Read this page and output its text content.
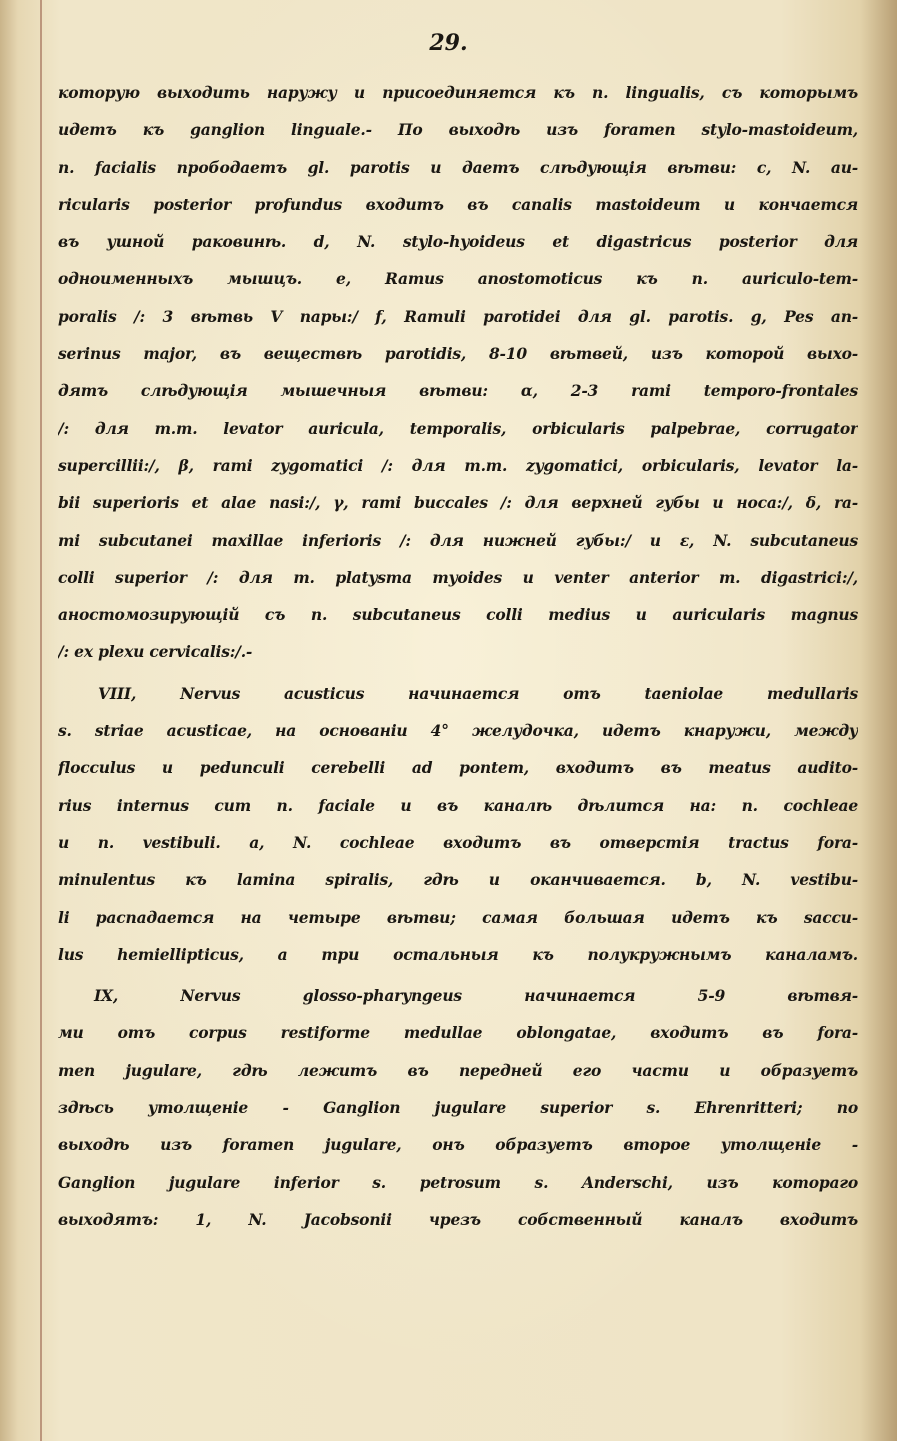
29.
которую выходить наружу и присоединяется къ n. lingualis, съ которымъ
идетъ къ ganglion linguale.- По выходѣ изъ foramen stylo-mastoideum,
n. facialis прободаетъ gl. parotis и даетъ слѣдующія вѣтви: с, N. au-
ricularis posterior profundus входитъ въ canalis mastoideum и кончается
въ ушной раковинѣ. d, N. stylo-hyoideus et digastricus posterior для
одноименныхъ мышцъ. e, Ramus anostomoticus къ n. auriculo-tem-
poralis /: 3 вѣтвь V пары:/ f, Ramuli parotidei для gl. parotis. g, Pes an-
serinus major, въ веществѣ parotidis, 8-10 вѣтвей, изъ которой выхо-
дятъ слѣдующія мышечныя вѣтви: α, 2-3 rami temporo-frontales
/: для m.m. levator auricula, temporalis, orbicularis palpebrae, corrugator
supercillii:/, β, rami zygomatici /: для m.m. zygomatici, orbicularis, levator la-
bii superioris et alae nasi:/, γ, rami buccales /: для верхней губы и носа:/, δ, ra-
mi subcutanei maxillae inferioris /: для нижней губы:/ и ε, N. subcutaneus
colli superior /: для m. platysma myoides и venter anterior m. digastrici:/,
аностомозирующій съ n. subcutaneus colli medius и auricularis magnus
/: ex plexu cervicalis:/.-
VIII, Nervus acusticus начинается отъ taeniolae medullaris
s. striae acusticae, на основаніи 4° желудочка, идетъ кнаружи, между
flocculus и pedunculi cerebelli ad pontem, входитъ въ meatus audito-
rius internus cum n. faciale и въ каналѣ дѣлится на: n. cochleae
и n. vestibuli. a, N. cochleae входитъ въ отверстія tractus fora-
minulentus къ lamina spiralis, гдѣ и оканчивается. b, N. vestibu-
li распадается на четыре вѣтви; самая большая идетъ къ saccu-
lus hemiellipticus, а три остальныя къ полукружнымъ каналамъ.
IX, Nervus glosso-pharyngeus начинается 5-9 вѣтвя-
ми отъ corpus restiforme medullae oblongatae, входитъ въ fora-
men jugulare, гдѣ лежитъ въ передней его части и образуетъ
здѣсь утолщеніе - Ganglion jugulare superior s. Ehrenritteri; по
выходѣ изъ foramen jugulare, онъ образуетъ второе утолщеніе -
Ganglion jugulare inferior s. petrosum s. Anderschi, изъ котораго
выходятъ: 1, N. Jacobsonii чрезъ собственный каналъ входитъ
